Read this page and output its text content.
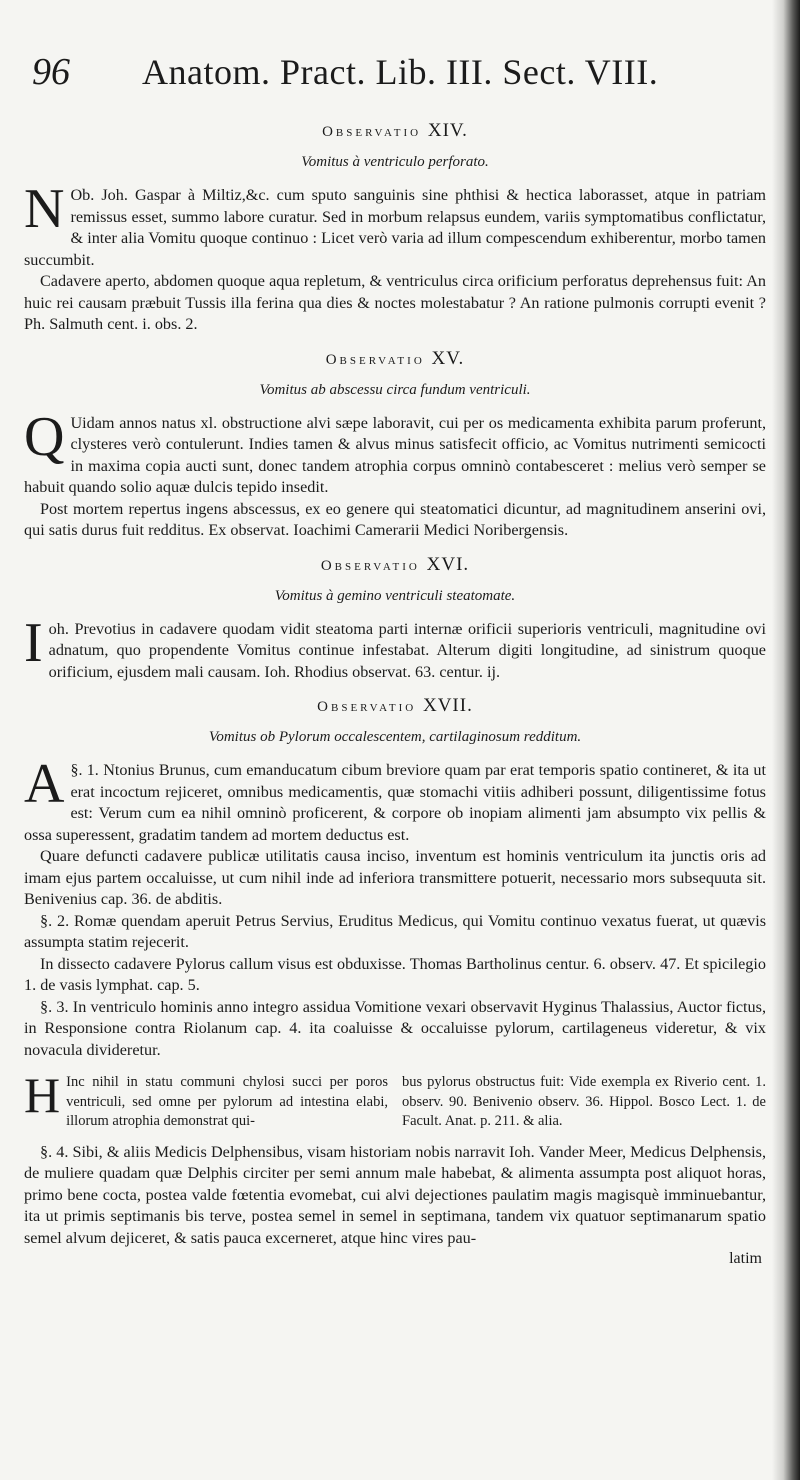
96	Anatom. Pract. Lib. III. Sect. VIII.
Observatio XIV.
Vomitus à ventriculo perforato.

N Ob. Joh. Gaspar à Miltiz,&c. cum sputo sanguinis sine phthisi & hectica laborasset, atque in patriam remissus esset, summo labore curatur. Sed in morbum relapsus eundem, variis symptomatibus conflictatur, & inter alia Vomitu quoque continuo : Licet verò varia ad illum compescendum exhiberentur, morbo tamen succumbit.

Cadavere aperto, abdomen quoque aqua repletum, & ventriculus circa orificium perforatus deprehensus fuit: An huic rei causam præbuit Tussis illa ferina qua dies & noctes molestabatur ? An ratione pulmonis corrupti evenit ? Ph. Salmuth cent. i. obs. 2.

Observatio XV.
Vomitus ab abscessu circa fundum ventriculi.

Q Uidam annos natus xl. obstructione alvi sæpe laboravit, cui per os medicamenta exhibita parum proferunt, clysteres verò contulerunt. Indies tamen & alvus minus satisfecit officio, ac Vomitus nutrimenti semicocti in maxima copia aucti sunt, donec tandem atrophia corpus omninò contabesceret : melius verò semper se habuit quando solio aquæ dulcis tepido insedit.

Post mortem repertus ingens abscessus, ex eo genere qui steatomatici dicuntur, ad magnitudinem anserini ovi, qui satis durus fuit redditus. Ex observat. Ioachimi Camerarii Medici Noribergensis.

Observatio XVI.
Vomitus à gemino ventriculi steatomate.

I oh. Prevotius in cadavere quodam vidit steatoma parti internæ orificii superioris ventriculi, magnitudine ovi adnatum, quo propendente Vomitus continue infestabat. Alterum digiti longitudine, ad sinistrum quoque orificium, ejusdem mali causam. Ioh. Rhodius observat. 63. centur. ij.

Observatio XVII.
Vomitus ob Pylorum occalescentem, cartilaginosum redditum.

§. 1.
A Ntonius Brunus, cum emanducatum cibum breviore quam par erat temporis spatio contineret, & ita ut erat incoctum rejiceret, omnibus medicamentis, quæ stomachi vitiis adhiberi possunt, diligentissime fotus est: Verum cum ea nihil omninò proficerent, & corpore ob inopiam alimenti jam absumpto vix pellis & ossa superessent, gradatim tandem ad mortem deductus est.

Quare defuncti cadavere publicæ utilitatis causa inciso, inventum est hominis ventriculum ita junctis oris ad imam ejus partem occaluisse, ut cum nihil inde ad inferiora transmittere potuerit, necessario mors subsequuta sit. Benivenius cap. 36. de abditis.

§. 2. Romæ quendam aperuit Petrus Servius, Eruditus Medicus, qui Vomitu continuo vexatus fuerat, ut quævis assumpta statim rejecerit.

In dissecto cadavere Pylorus callum visus est obduxisse. Thomas Bartholinus centur. 6. observ. 47. Et spicilegio 1. de vasis lymphat. cap. 5.

§. 3. In ventriculo hominis anno integro assidua Vomitione vexari observavit Hyginus Thalassius, Auctor fictus, in Responsione contra Riolanum cap. 4. ita coaluisse & occaluisse pylorum, cartilageneus videretur, & vix novacula divideretur.

H Inc nihil in statu communi chylosi succi per poros ventriculi, sed omne per pylorum ad intestina elabi, illorum atrophia demonstrat qui-
bus pylorus obstructus fuit: Vide exempla ex Riverio cent. 1. observ. 90. Benivenio observ. 36. Hippol. Bosco Lect. 1. de Facult. Anat. p. 211. & alia.

§. 4. Sibi, & aliis Medicis Delphensibus, visam historiam nobis narravit Ioh. Vander Meer, Medicus Delphensis, de muliere quadam quæ Delphis circiter per semi annum male habebat, & alimenta assumpta post aliquot horas, primo bene cocta, postea valde fœtentia evomebat, cui alvi dejectiones paulatim magis magisquè imminuebantur, ita ut primis septimanis bis terve, postea semel in semel in septimana, tandem vix quatuor septimanarum spatio semel alvum dejiceret, & satis pauca excerneret, atque hinc vires pau-

latim
